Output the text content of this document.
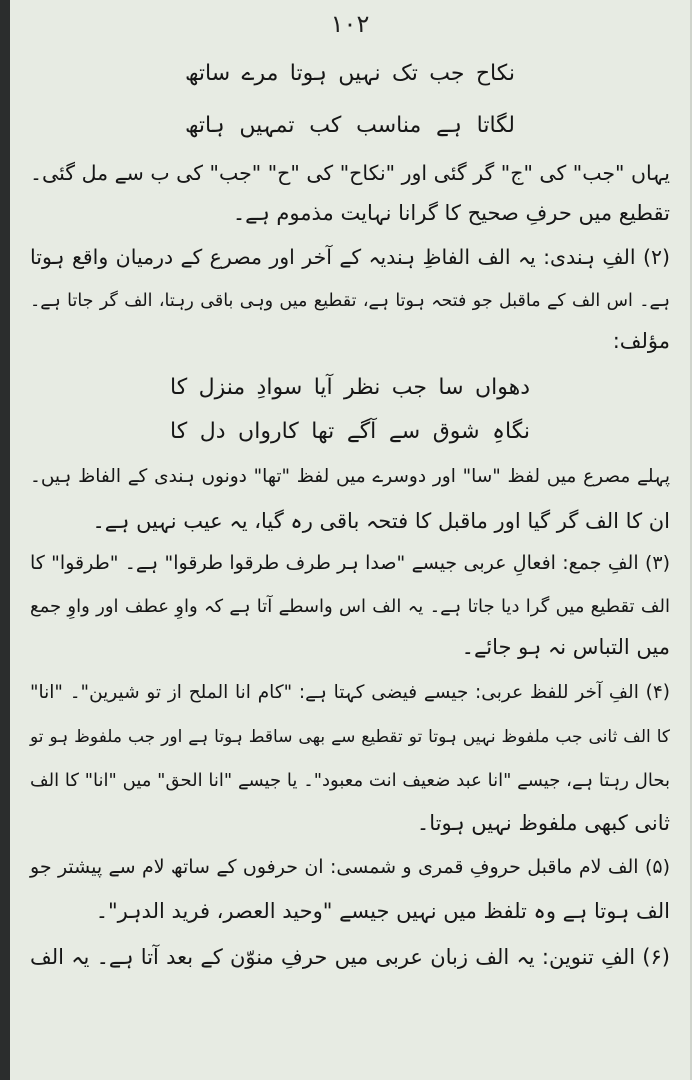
۱۰۲
نکاح جب تک نہیں ہوتا مرے ساتھ
لگاتا ہے مناسب کب تمہیں ہاتھ
یہاں "جب" کی "ج" گر گئی اور "نکاح" کی "ح" "جب" کی ب سے مل گئی۔
تقطیع میں حرفِ صحیح کا گرانا نہایت مذموم ہے۔
(۲) الفِ ہندی: یہ الف الفاظِ ہندیہ کے آخر اور مصرع کے درمیان واقع ہوتا
ہے۔ اس الف کے ماقبل جو فتحہ ہوتا ہے، تقطیع میں وہی باقی رہتا، الف گر جاتا ہے۔
مؤلف:
دھواں سا جب نظر آیا سوادِ منزل کا
نگاہِ شوق سے آگے تھا کارواں دل کا
پہلے مصرع میں لفظ "سا" اور دوسرے میں لفظ "تھا" دونوں ہندی کے الفاظ ہیں۔
ان کا الف گر گیا اور ماقبل کا فتحہ باقی رہ گیا، یہ عیب نہیں ہے۔
(۳) الفِ جمع: افعالِ عربی جیسے "صدا ہر طرف طرقوا طرقوا" ہے۔ "طرقوا" کا
الف تقطیع میں گرا دیا جاتا ہے۔ یہ الف اس واسطے آتا ہے کہ واوِ عطف اور واوِ جمع
میں التباس نہ ہو جائے۔
(۴) الفِ آخر للفظ عربی: جیسے فیضی کہتا ہے: "کام انا الملح از تو شیرین"۔ "انا"
کا الف ثانی جب ملفوظ نہیں ہوتا تو تقطیع سے بھی ساقط ہوتا ہے اور جب ملفوظ ہو تو
بحال رہتا ہے، جیسے "انا عبد ضعیف انت معبود"۔ یا جیسے "انا الحق" میں "انا" کا الف
ثانی کبھی ملفوظ نہیں ہوتا۔
(۵) الف لام ماقبل حروفِ قمری و شمسی: ان حرفوں کے ساتھ لام سے پیشتر جو
الف ہوتا ہے وہ تلفظ میں نہیں جیسے "وحید العصر، فرید الدہر"۔
(۶) الفِ تنوین: یہ الف زبان عربی میں حرفِ منوّن کے بعد آتا ہے۔ یہ الف
